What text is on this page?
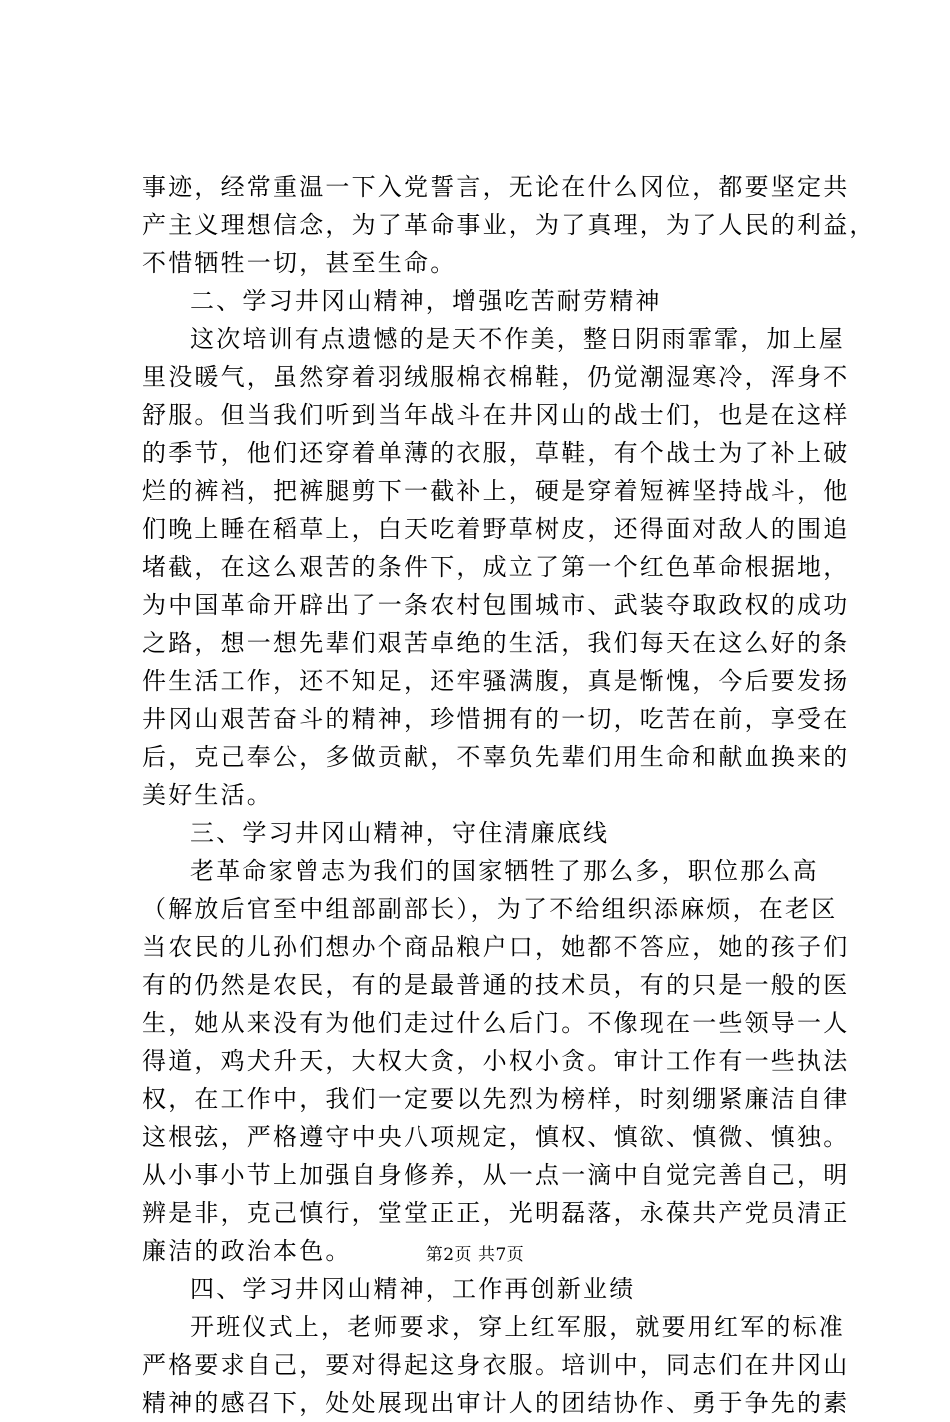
事迹，经常重温一下入党誓言，无论在什么冈位，都要坚定共
产主义理想信念，为了革命事业，为了真理，为了人民的利益，
不惜牺牲一切，甚至生命。
二、学习井冈山精神，增强吃苦耐劳精神
这次培训有点遗憾的是天不作美，整日阴雨霏霏，加上屋
里没暖气，虽然穿着羽绒服棉衣棉鞋，仍觉潮湿寒冷，浑身不
舒服。但当我们听到当年战斗在井冈山的战士们，也是在这样
的季节，他们还穿着单薄的衣服，草鞋，有个战士为了补上破
烂的裤裆，把裤腿剪下一截补上，硬是穿着短裤坚持战斗，他
们晚上睡在稻草上，白天吃着野草树皮，还得面对敌人的围追
堵截，在这么艰苦的条件下，成立了第一个红色革命根据地，
为中国革命开辟出了一条农村包围城市、武装夺取政权的成功
之路，想一想先辈们艰苦卓绝的生活，我们每天在这么好的条
件生活工作，还不知足，还牢骚满腹，真是惭愧，今后要发扬
井冈山艰苦奋斗的精神，珍惜拥有的一切，吃苦在前，享受在
后，克己奉公，多做贡献，不辜负先辈们用生命和献血换来的
美好生活。
三、学习井冈山精神，守住清廉底线
老革命家曾志为我们的国家牺牲了那么多，职位那么高
（解放后官至中组部副部长），为了不给组织添麻烦，在老区
当农民的儿孙们想办个商品粮户口，她都不答应，她的孩子们
有的仍然是农民，有的是最普通的技术员，有的只是一般的医
生，她从来没有为他们走过什么后门。不像现在一些领导一人
得道，鸡犬升天，大权大贪，小权小贪。审计工作有一些执法
权，在工作中，我们一定要以先烈为榜样，时刻绷紧廉洁自律
这根弦，严格遵守中央八项规定，慎权、慎欲、慎微、慎独。
从小事小节上加强自身修养，从一点一滴中自觉完善自己，明
辨是非，克己慎行，堂堂正正，光明磊落，永葆共产党员清正
廉洁的政治本色。
四、学习井冈山精神，工作再创新业绩
开班仪式上，老师要求，穿上红军服，就要用红军的标准
严格要求自己，要对得起这身衣服。培训中，同志们在井冈山
精神的感召下，处处展现出审计人的团结协作、勇于争先的素
第2页 共7页
